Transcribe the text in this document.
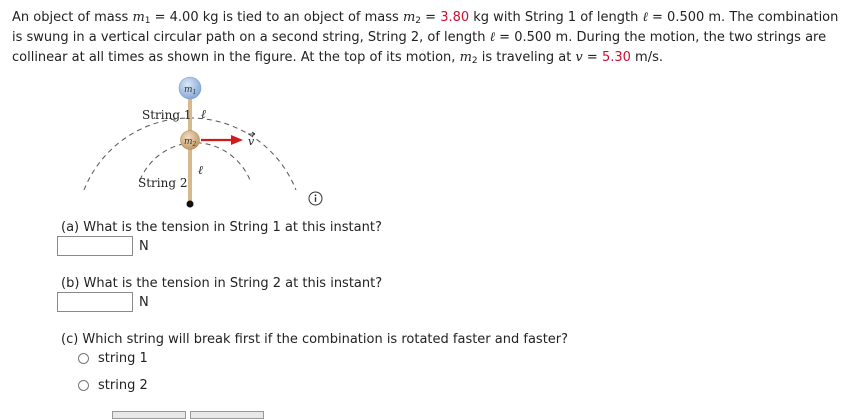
An object of mass $m_1 = 4.00$ kg is tied to an object of mass $m_2 = 3.80$ kg with String 1 of length ℓ = 0.500 m. The combination is swung in a vertical circular path on a second string, String 2, of length ℓ = 0.500 m. During the motion, the two strings are collinear at all times as shown in the figure. At the top of its motion, $m_2$ is traveling at v = 5.30 m/s.
$m_1$
$m_2$	v
String 1 ℓ
String 2
ℓ
(a) What is the tension in String 1 at this instant?
N
(b) What is the tension in String 2 at this instant?
N
(c) Which string will break first if the combination is rotated faster and faster?
string 1
string 2
